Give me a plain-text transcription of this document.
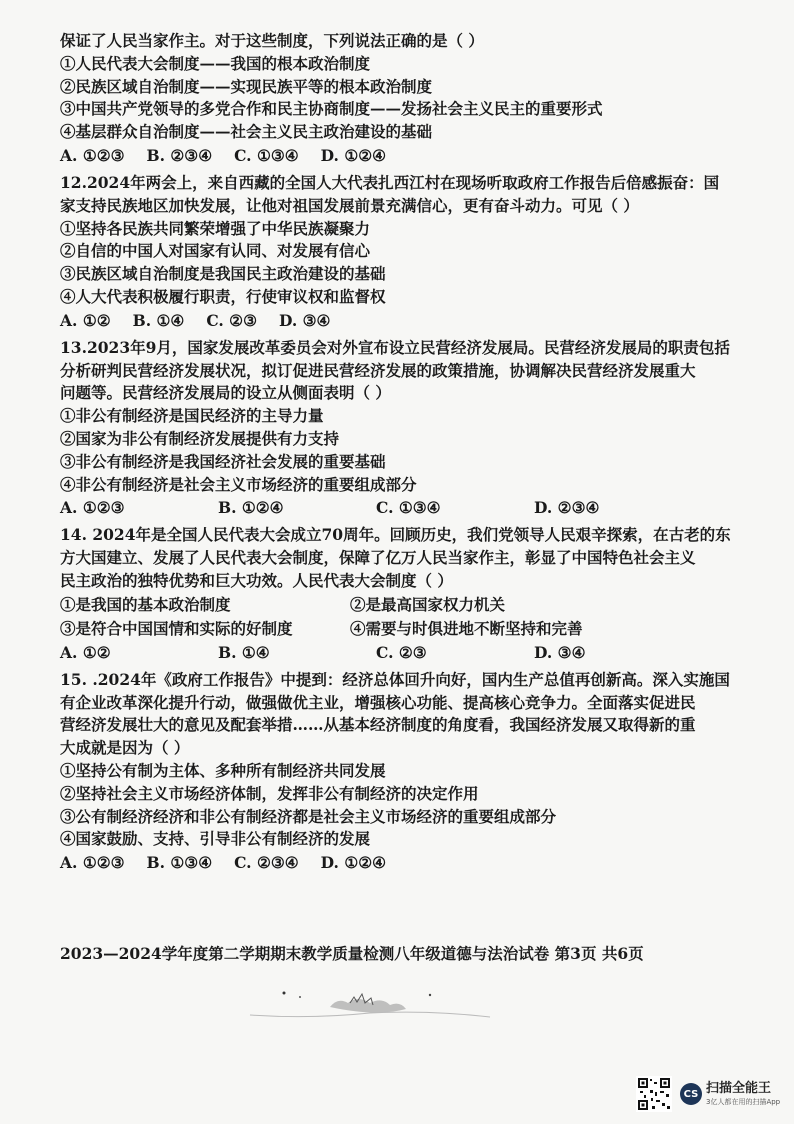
保证了人民当家作主。对于这些制度，下列说法正确的是（ ）
①人民代表大会制度——我国的根本政治制度
②民族区域自治制度——实现民族平等的根本政治制度
③中国共产党领导的多党合作和民主协商制度——发扬社会主义民主的重要形式
④基层群众自治制度——社会主义民主政治建设的基础
A. ①②③ B. ②③④ C. ①③④ D. ①②④
12.2024年两会上，来自西藏的全国人大代表扎西江村在现场听取政府工作报告后倍感振奋：国
家支持民族地区加快发展，让他对祖国发展前景充满信心，更有奋斗动力。可见（ ）
①坚持各民族共同繁荣增强了中华民族凝聚力
②自信的中国人对国家有认同、对发展有信心
③民族区域自治制度是我国民主政治建设的基础
④人大代表积极履行职责，行使审议权和监督权
A. ①② B. ①④ C. ②③ D. ③④
13.2023年9月，国家发展改革委员会对外宣布设立民营经济发展局。民营经济发展局的职责包括
分析研判民营经济发展状况，拟订促进民营经济发展的政策措施，协调解决民营经济发展重大
问题等。民营经济发展局的设立从侧面表明（ ）
①非公有制经济是国民经济的主导力量
②国家为非公有制经济发展提供有力支持
③非公有制经济是我国经济社会发展的重要基础
④非公有制经济是社会主义市场经济的重要组成部分
A. ①②③	B. ①②④	C. ①③④	D. ②③④
14. 2024年是全国人民代表大会成立70周年。回顾历史，我们党领导人民艰辛探索，在古老的东
方大国建立、发展了人民代表大会制度，保障了亿万人民当家作主，彰显了中国特色社会主义
民主政治的独特优势和巨大功效。人民代表大会制度（ ）
①是我国的基本政治制度	②是最高国家权力机关
③是符合中国国情和实际的好制度	④需要与时俱进地不断坚持和完善
A. ①②	B. ①④	C. ②③	D. ③④
15. .2024年《政府工作报告》中提到：经济总体回升向好，国内生产总值再创新高。深入实施国
有企业改革深化提升行动，做强做优主业，增强核心功能、提高核心竞争力。全面落实促进民
营经济发展壮大的意见及配套举措……从基本经济制度的角度看，我国经济发展又取得新的重
大成就是因为（ ）
①坚持公有制为主体、多种所有制经济共同发展
②坚持社会主义市场经济体制，发挥非公有制经济的决定作用
③公有制经济经济和非公有制经济都是社会主义市场经济的重要组成部分
④国家鼓励、支持、引导非公有制经济的发展
A. ①②③ B. ①③④ C. ②③④ D. ①②④
2023—2024学年度第二学期期末教学质量检测八年级道德与法治试卷 第3页 共6页
CS 扫描全能王
3亿人都在用的扫描App
